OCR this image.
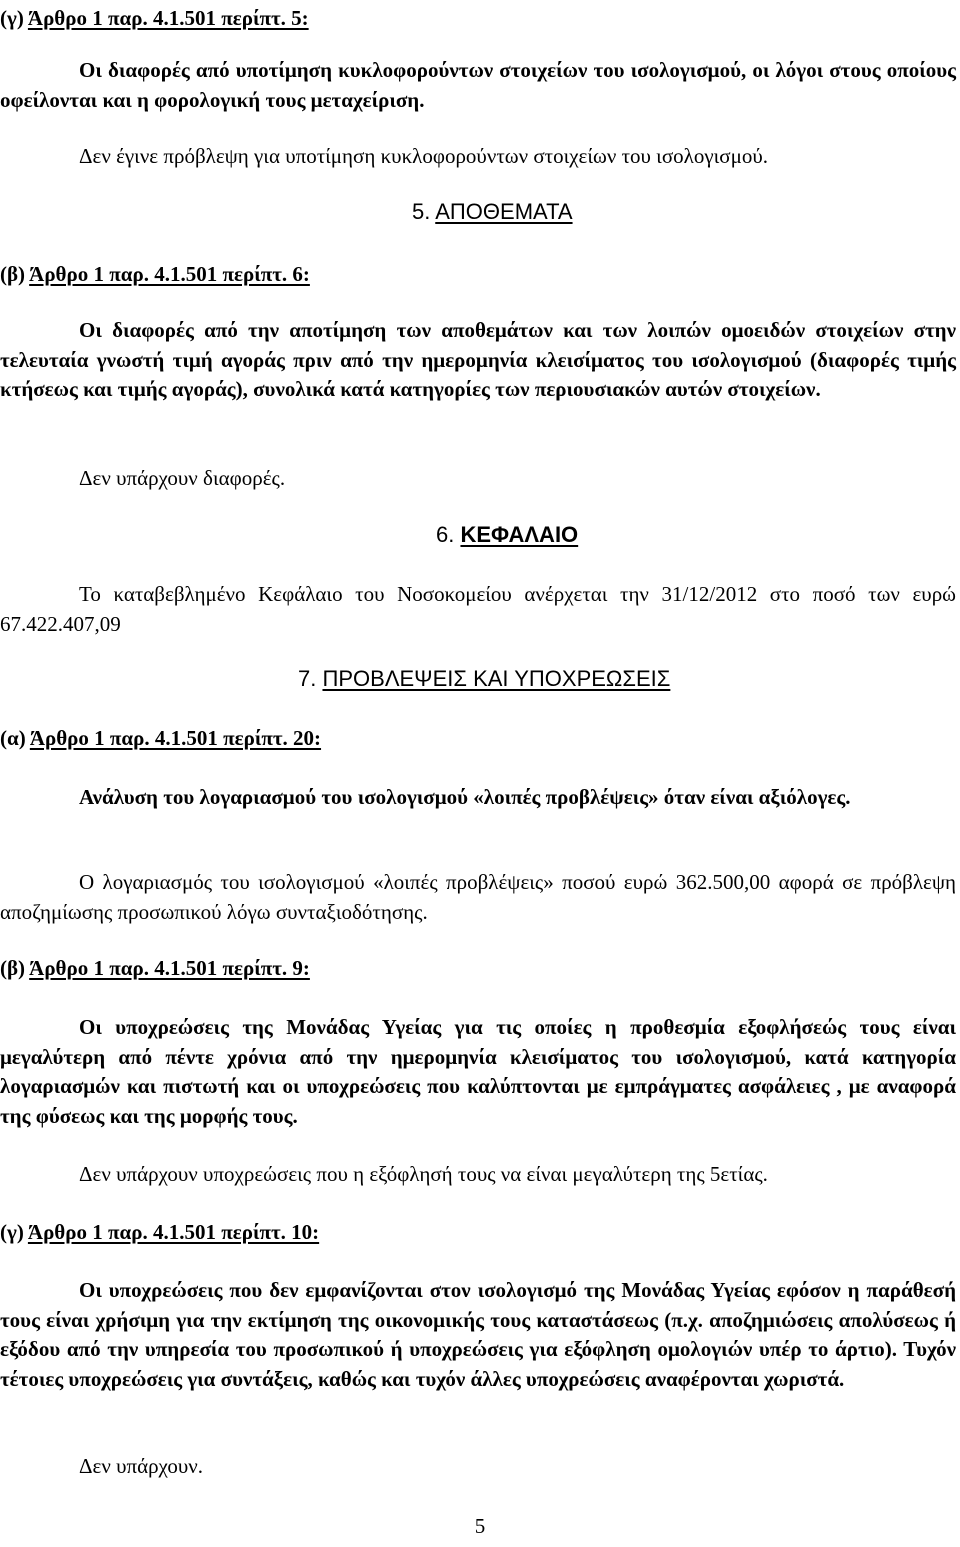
(γ) Άρθρο 1 παρ. 4.1.501 περίπτ. 5:
Οι διαφορές από υποτίμηση κυκλοφορούντων στοιχείων του ισολογισμού, οι λόγοι στους οποίους οφείλονται και η φορολογική τους μεταχείριση.
Δεν έγινε πρόβλεψη για υποτίμηση κυκλοφορούντων στοιχείων του ισολογισμού.
5. ΑΠΟΘΕΜΑΤΑ
(β) Άρθρο 1 παρ. 4.1.501 περίπτ. 6:
Οι διαφορές από την αποτίμηση των αποθεμάτων και των λοιπών ομοειδών στοιχείων στην τελευταία γνωστή τιμή αγοράς πριν από την ημερομηνία κλεισίματος του ισολογισμού (διαφορές τιμής κτήσεως και τιμής αγοράς), συνολικά κατά κατηγορίες των περιουσιακών αυτών στοιχείων.
Δεν υπάρχουν διαφορές.
6. ΚΕΦΑΛΑΙΟ
Το καταβεβλημένο Κεφάλαιο του Νοσοκομείου ανέρχεται την 31/12/2012 στο ποσό των ευρώ 67.422.407,09
7. ΠΡΟΒΛΕΨΕΙΣ ΚΑΙ ΥΠΟΧΡΕΩΣΕΙΣ
(α) Άρθρο 1 παρ. 4.1.501 περίπτ. 20:
Ανάλυση του λογαριασμού του ισολογισμού «λοιπές προβλέψεις» όταν είναι αξιόλογες.
Ο λογαριασμός του ισολογισμού «λοιπές προβλέψεις» ποσού ευρώ 362.500,00 αφορά σε πρόβλεψη αποζημίωσης προσωπικού λόγω συνταξιοδότησης.
(β) Άρθρο 1 παρ. 4.1.501 περίπτ. 9:
Οι υποχρεώσεις της Μονάδας Υγείας για τις οποίες η προθεσμία εξοφλήσεώς τους είναι μεγαλύτερη από πέντε χρόνια από την ημερομηνία κλεισίματος του ισολογισμού, κατά κατηγορία λογαριασμών και πιστωτή και οι υποχρεώσεις που καλύπτονται με εμπράγματες ασφάλειες , με αναφορά της φύσεως και της μορφής τους.
Δεν υπάρχουν υποχρεώσεις που η εξόφλησή τους να είναι μεγαλύτερη της 5ετίας.
(γ) Άρθρο 1 παρ. 4.1.501 περίπτ. 10:
Οι υποχρεώσεις που δεν εμφανίζονται στον ισολογισμό της Μονάδας Υγείας εφόσον η παράθεσή τους είναι χρήσιμη για την εκτίμηση της οικονομικής τους καταστάσεως (π.χ. αποζημιώσεις απολύσεως ή εξόδου από την υπηρεσία του προσωπικού ή υποχρεώσεις για εξόφληση ομολογιών υπέρ το άρτιο). Τυχόν τέτοιες υποχρεώσεις για συντάξεις, καθώς και τυχόν άλλες υποχρεώσεις αναφέρονται χωριστά.
Δεν υπάρχουν.
5
